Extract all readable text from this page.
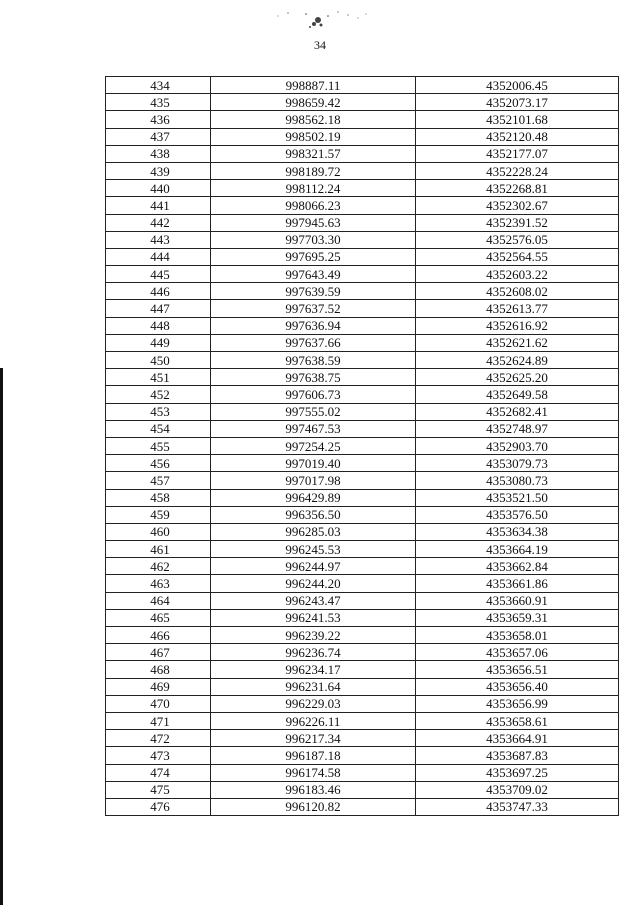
34
434	998887.11	4352006.45
435	998659.42	4352073.17
436	998562.18	4352101.68
437	998502.19	4352120.48
438	998321.57	4352177.07
439	998189.72	4352228.24
440	998112.24	4352268.81
441	998066.23	4352302.67
442	997945.63	4352391.52
443	997703.30	4352576.05
444	997695.25	4352564.55
445	997643.49	4352603.22
446	997639.59	4352608.02
447	997637.52	4352613.77
448	997636.94	4352616.92
449	997637.66	4352621.62
450	997638.59	4352624.89
451	997638.75	4352625.20
452	997606.73	4352649.58
453	997555.02	4352682.41
454	997467.53	4352748.97
455	997254.25	4352903.70
456	997019.40	4353079.73
457	997017.98	4353080.73
458	996429.89	4353521.50
459	996356.50	4353576.50
460	996285.03	4353634.38
461	996245.53	4353664.19
462	996244.97	4353662.84
463	996244.20	4353661.86
464	996243.47	4353660.91
465	996241.53	4353659.31
466	996239.22	4353658.01
467	996236.74	4353657.06
468	996234.17	4353656.51
469	996231.64	4353656.40
470	996229.03	4353656.99
471	996226.11	4353658.61
472	996217.34	4353664.91
473	996187.18	4353687.83
474	996174.58	4353697.25
475	996183.46	4353709.02
476	996120.82	4353747.33
